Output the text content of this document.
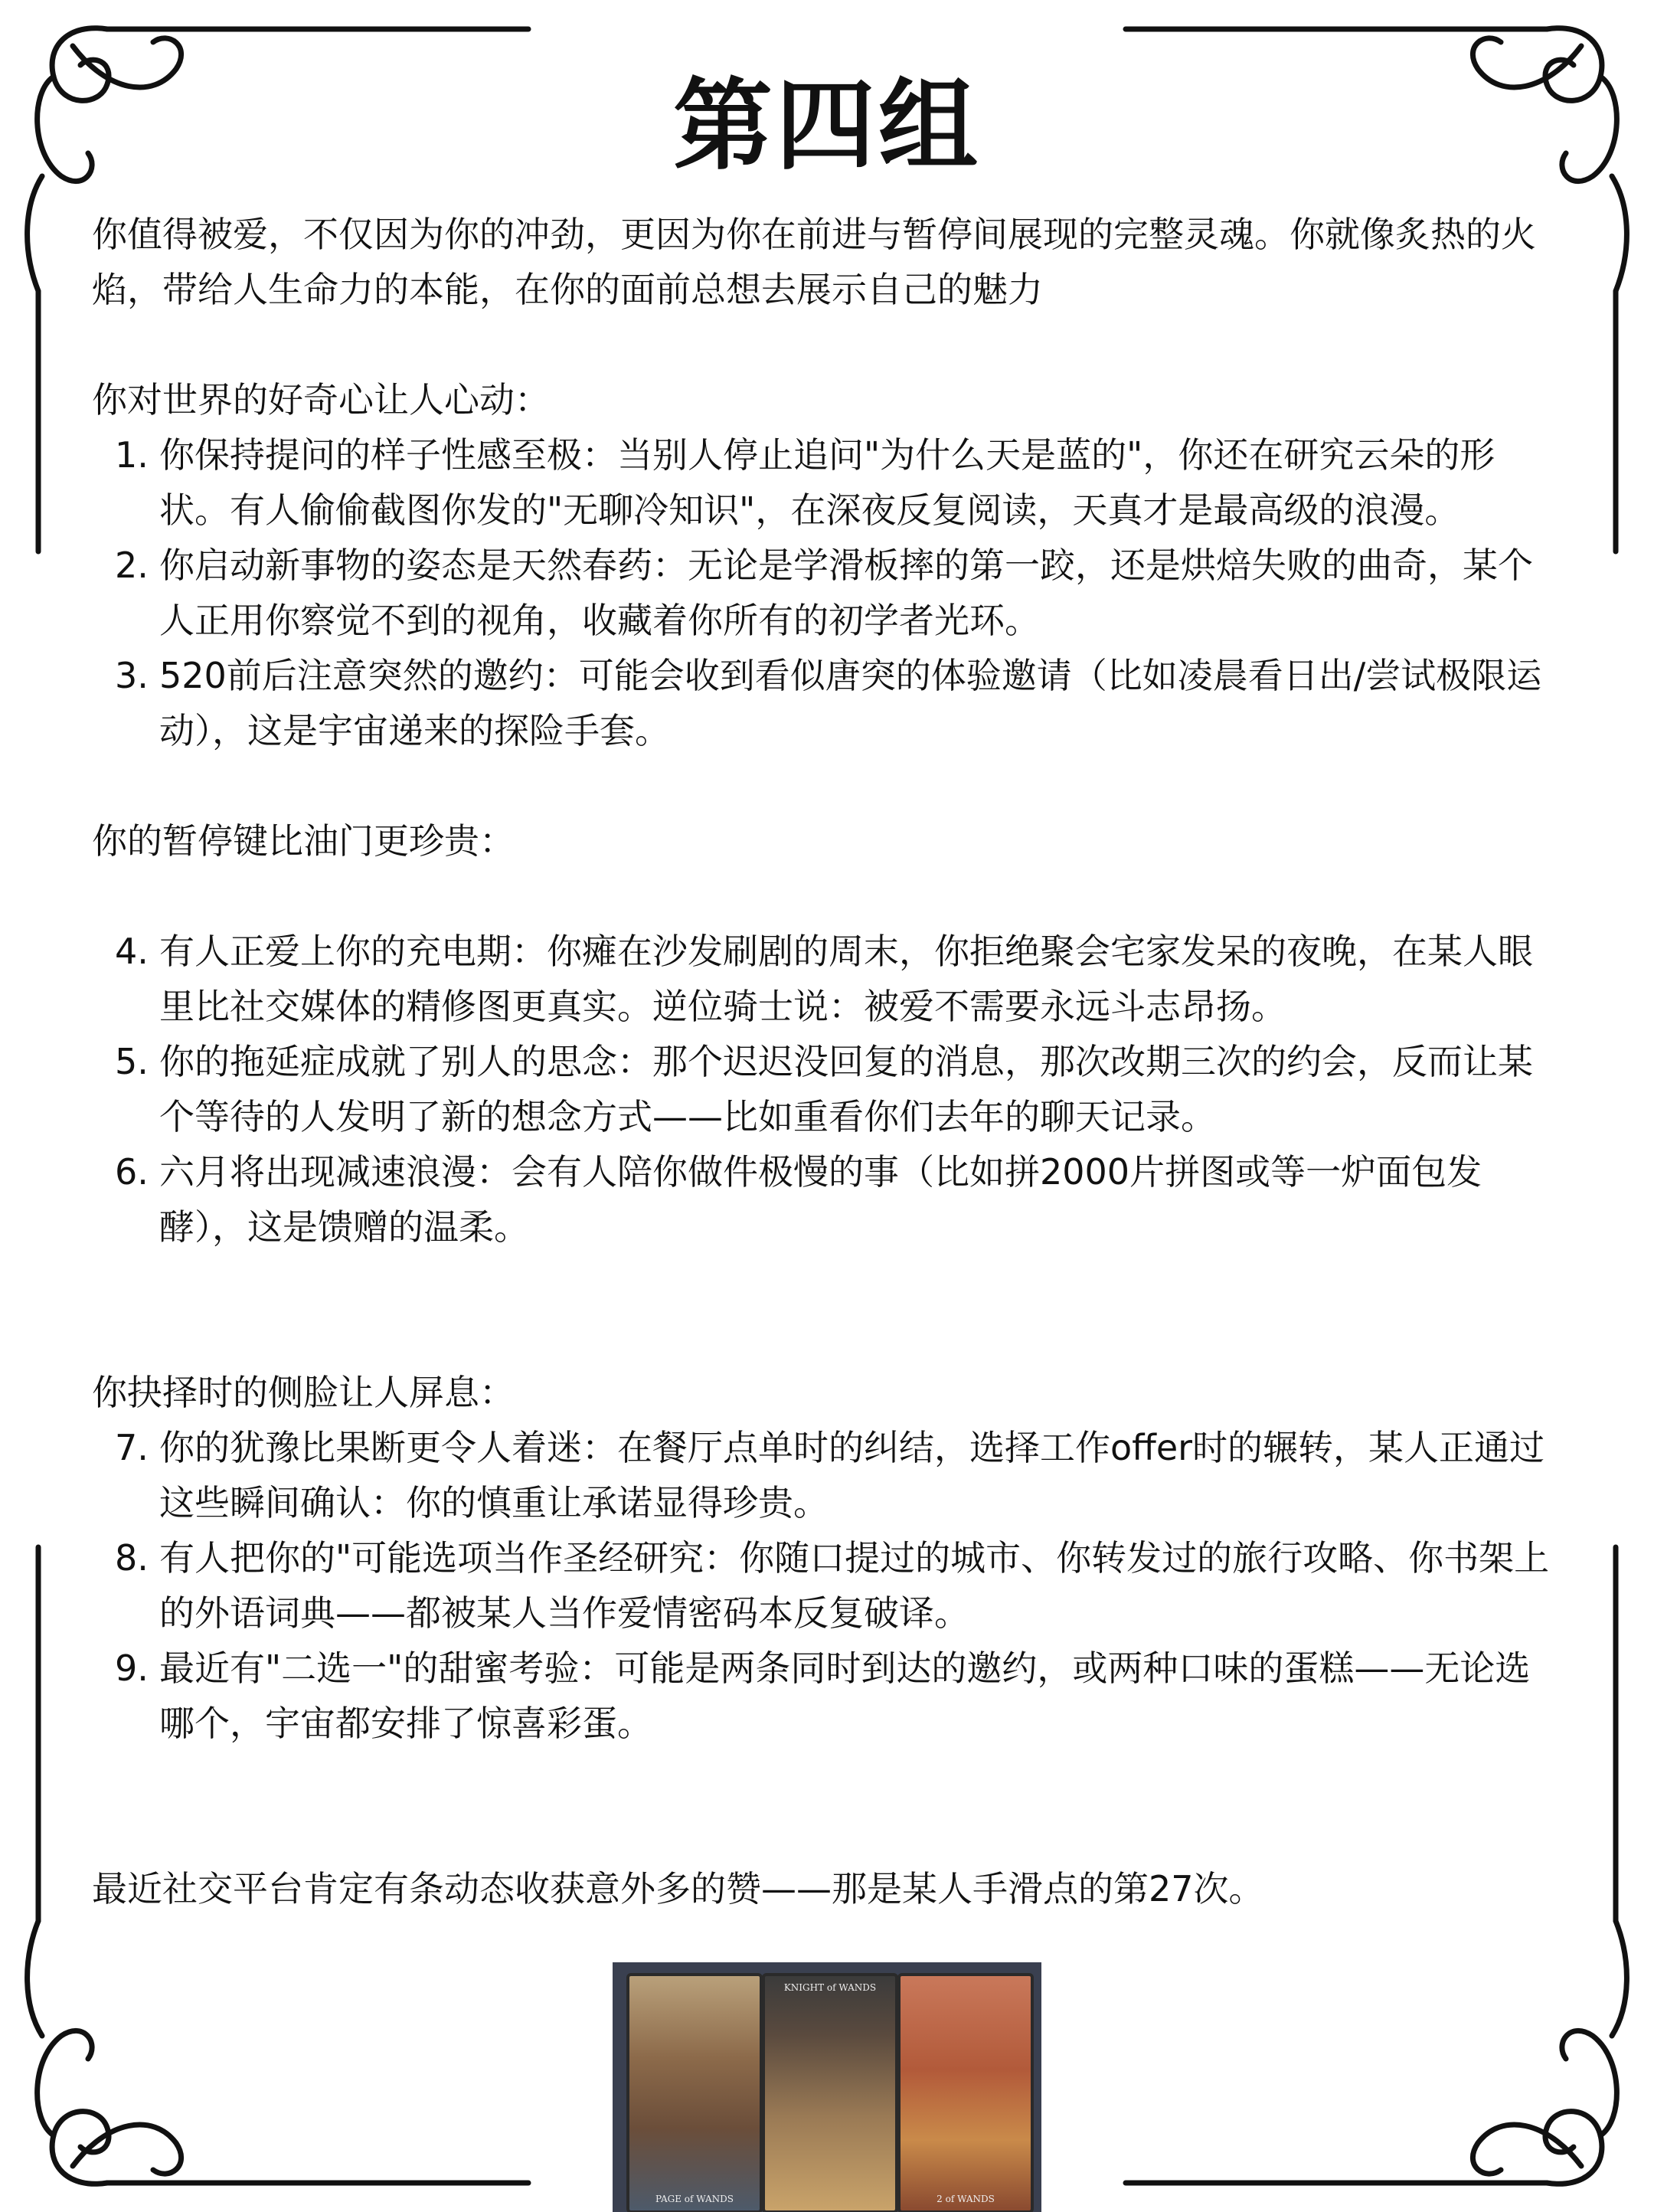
第四组

你值得被爱，不仅因为你的冲劲，更因为你在前进与暂停间展现的完整灵魂。你就像炙热的火焰，带给人生命力的本能，在你的面前总想去展示自己的魅力

你对世界的好奇心让人心动：

1. 你保持提问的样子性感至极：当别人停止追问"为什么天是蓝的"，你还在研究云朵的形状。有人偷偷截图你发的"无聊冷知识"，在深夜反复阅读，天真才是最高级的浪漫。
2. 你启动新事物的姿态是天然春药：无论是学滑板摔的第一跤，还是烘焙失败的曲奇，某个人正用你察觉不到的视角，收藏着你所有的初学者光环。
3. 520前后注意突然的邀约：可能会收到看似唐突的体验邀请（比如凌晨看日出/尝试极限运动），这是宇宙递来的探险手套。

你的暂停键比油门更珍贵：

4. 有人正爱上你的充电期：你瘫在沙发刷剧的周末，你拒绝聚会宅家发呆的夜晚，在某人眼里比社交媒体的精修图更真实。逆位骑士说：被爱不需要永远斗志昂扬。
5. 你的拖延症成就了别人的思念：那个迟迟没回复的消息，那次改期三次的约会，反而让某个等待的人发明了新的想念方式——比如重看你们去年的聊天记录。
6. 六月将出现减速浪漫：会有人陪你做件极慢的事（比如拼2000片拼图或等一炉面包发酵），这是馈赠的温柔。

你抉择时的侧脸让人屏息：

7. 你的犹豫比果断更令人着迷：在餐厅点单时的纠结，选择工作offer时的辗转，某人正通过这些瞬间确认：你的慎重让承诺显得珍贵。
8. 有人把你的"可能选项当作圣经研究：你随口提过的城市、你转发过的旅行攻略、你书架上的外语词典——都被某人当作爱情密码本反复破译。
9. 最近有"二选一"的甜蜜考验：可能是两条同时到达的邀约，或两种口味的蛋糕——无论选哪个，宇宙都安排了惊喜彩蛋。

最近社交平台肯定有条动态收获意外多的赞——那是某人手滑点的第27次。

PAGE of WANDS
KNIGHT of WANDS
2 of WANDS
